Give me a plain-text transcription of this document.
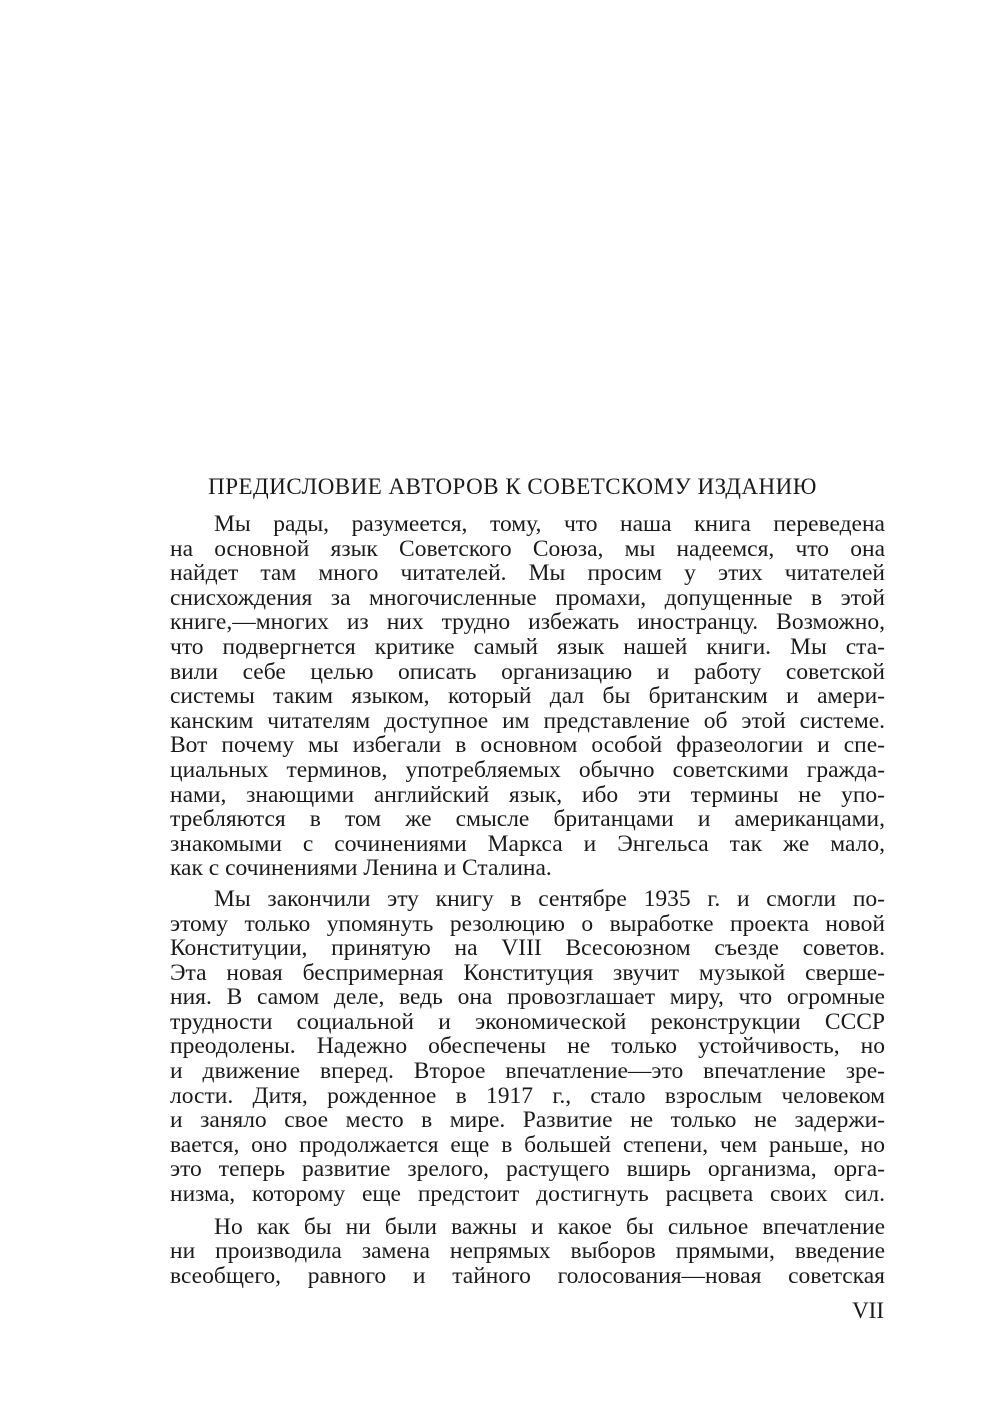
ПРЕДИСЛОВИЕ АВТОРОВ К СОВЕТСКОМУ ИЗДАНИЮ

Мы рады, разумеется, тому, что наша книга переведена
на основной язык Советского Союза, мы надеемся, что она
найдет там много читателей. Мы просим у этих читателей
снисхождения за многочисленные промахи, допущенные в этой
книге,—многих из них трудно избежать иностранцу. Возможно,
что подвергнется критике самый язык нашей книги. Мы ста-
вили себе целью описать организацию и работу советской
системы таким языком, который дал бы британским и амери-
канским читателям доступное им представление об этой системе.
Вот почему мы избегали в основном особой фразеологии и спе-
циальных терминов, употребляемых обычно советскими гражда-
нами, знающими английский язык, ибо эти термины не упо-
требляются в том же смысле британцами и американцами,
знакомыми с сочинениями Маркса и Энгельса так же мало,
как с сочинениями Ленина и Сталина.

Мы закончили эту книгу в сентябре 1935 г. и смогли по-
этому только упомянуть резолюцию о выработке проекта новой
Конституции, принятую на VIII Всесоюзном съезде советов.
Эта новая беспримерная Конституция звучит музыкой сверше-
ния. В самом деле, ведь она провозглашает миру, что огромные
трудности социальной и экономической реконструкции СССР
преодолены. Надежно обеспечены не только устойчивость, но
и движение вперед. Второе впечатление—это впечатление зре-
лости. Дитя, рожденное в 1917 г., стало взрослым человеком
и заняло свое место в мире. Развитие не только не задержи-
вается, оно продолжается еще в большей степени, чем раньше, но
это теперь развитие зрелого, растущего вширь организма, орга-
низма, которому еще предстоит достигнуть расцвета своих сил.

Но как бы ни были важны и какое бы сильное впечатление
ни производила замена непрямых выборов прямыми, введение
всеобщего, равного и тайного голосования—новая советская

VII
